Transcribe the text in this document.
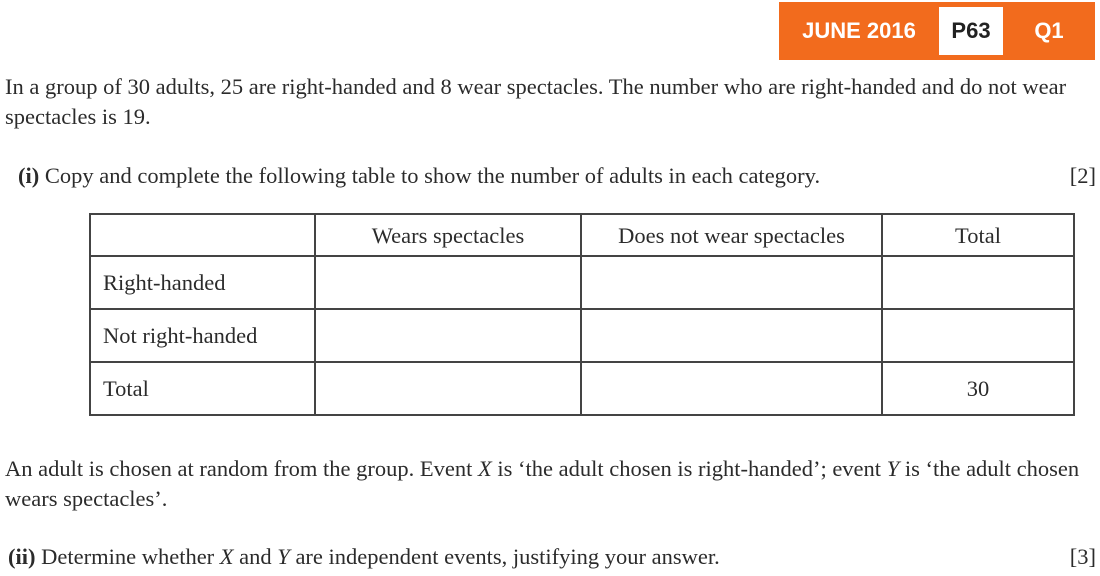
JUNE 2016	P63	Q1

In a group of 30 adults, 25 are right-handed and 8 wear spectacles. The number who are right-handed and do not wear spectacles is 19.

(i) Copy and complete the following table to show the number of adults in each category.	[2]
	Wears spectacles	Does not wear spectacles	Total
Right-handed			
Not right-handed			
Total			30

An adult is chosen at random from the group. Event X is ‘the adult chosen is right-handed’; event Y is ‘the adult chosen wears spectacles’.

(ii) Determine whether X and Y are independent events, justifying your answer.	[3]
